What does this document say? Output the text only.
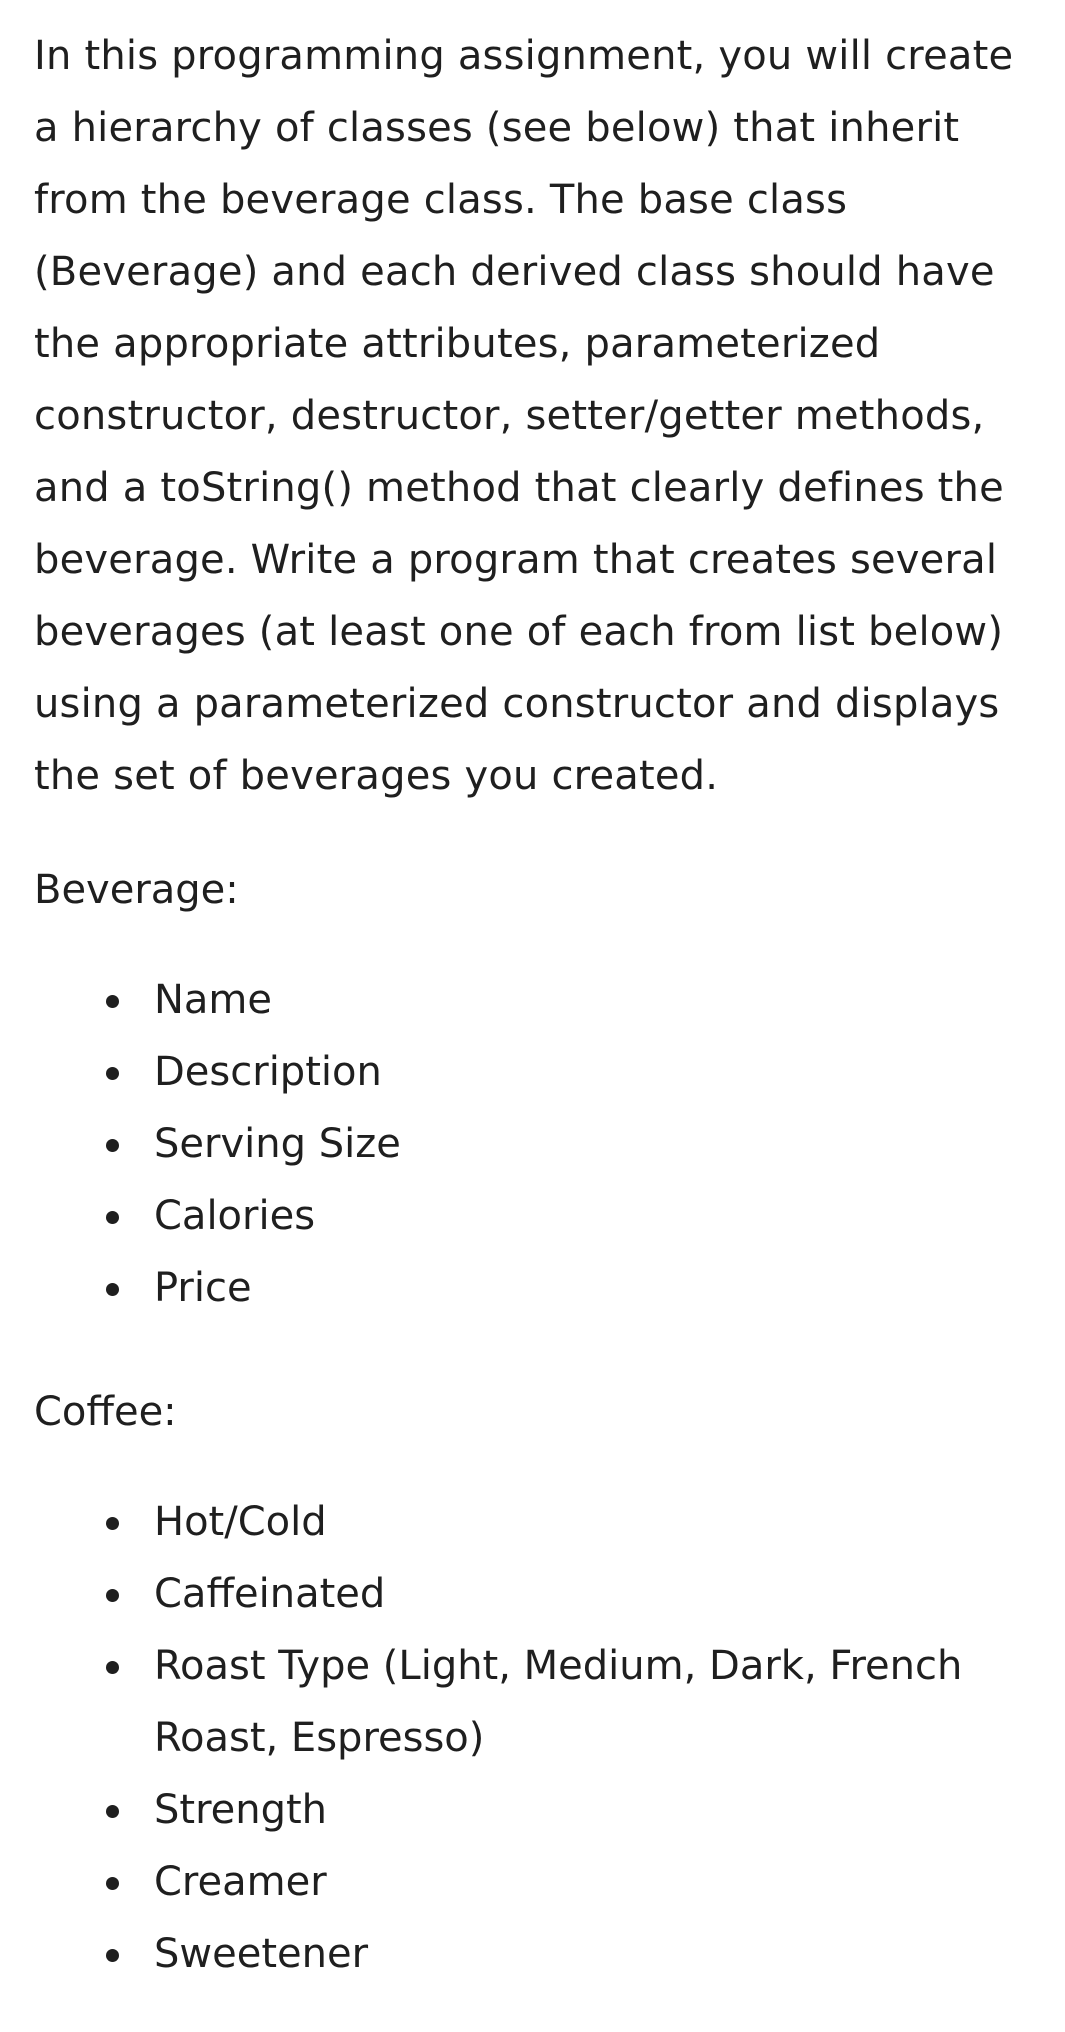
In this programming assignment, you will create a hierarchy of classes (see below) that inherit from the beverage class. The base class (Beverage) and each derived class should have the appropriate attributes, parameterized constructor, destructor, setter/getter methods, and a toString() method that clearly defines the beverage. Write a program that creates several beverages (at least one of each from list below) using a parameterized constructor and displays the set of beverages you created.

Beverage:
Name
Description
Serving Size
Calories
Price
Coffee:
Hot/Cold
Caffeinated
Roast Type (Light, Medium, Dark, French Roast, Espresso)
Strength
Creamer
Sweetener
